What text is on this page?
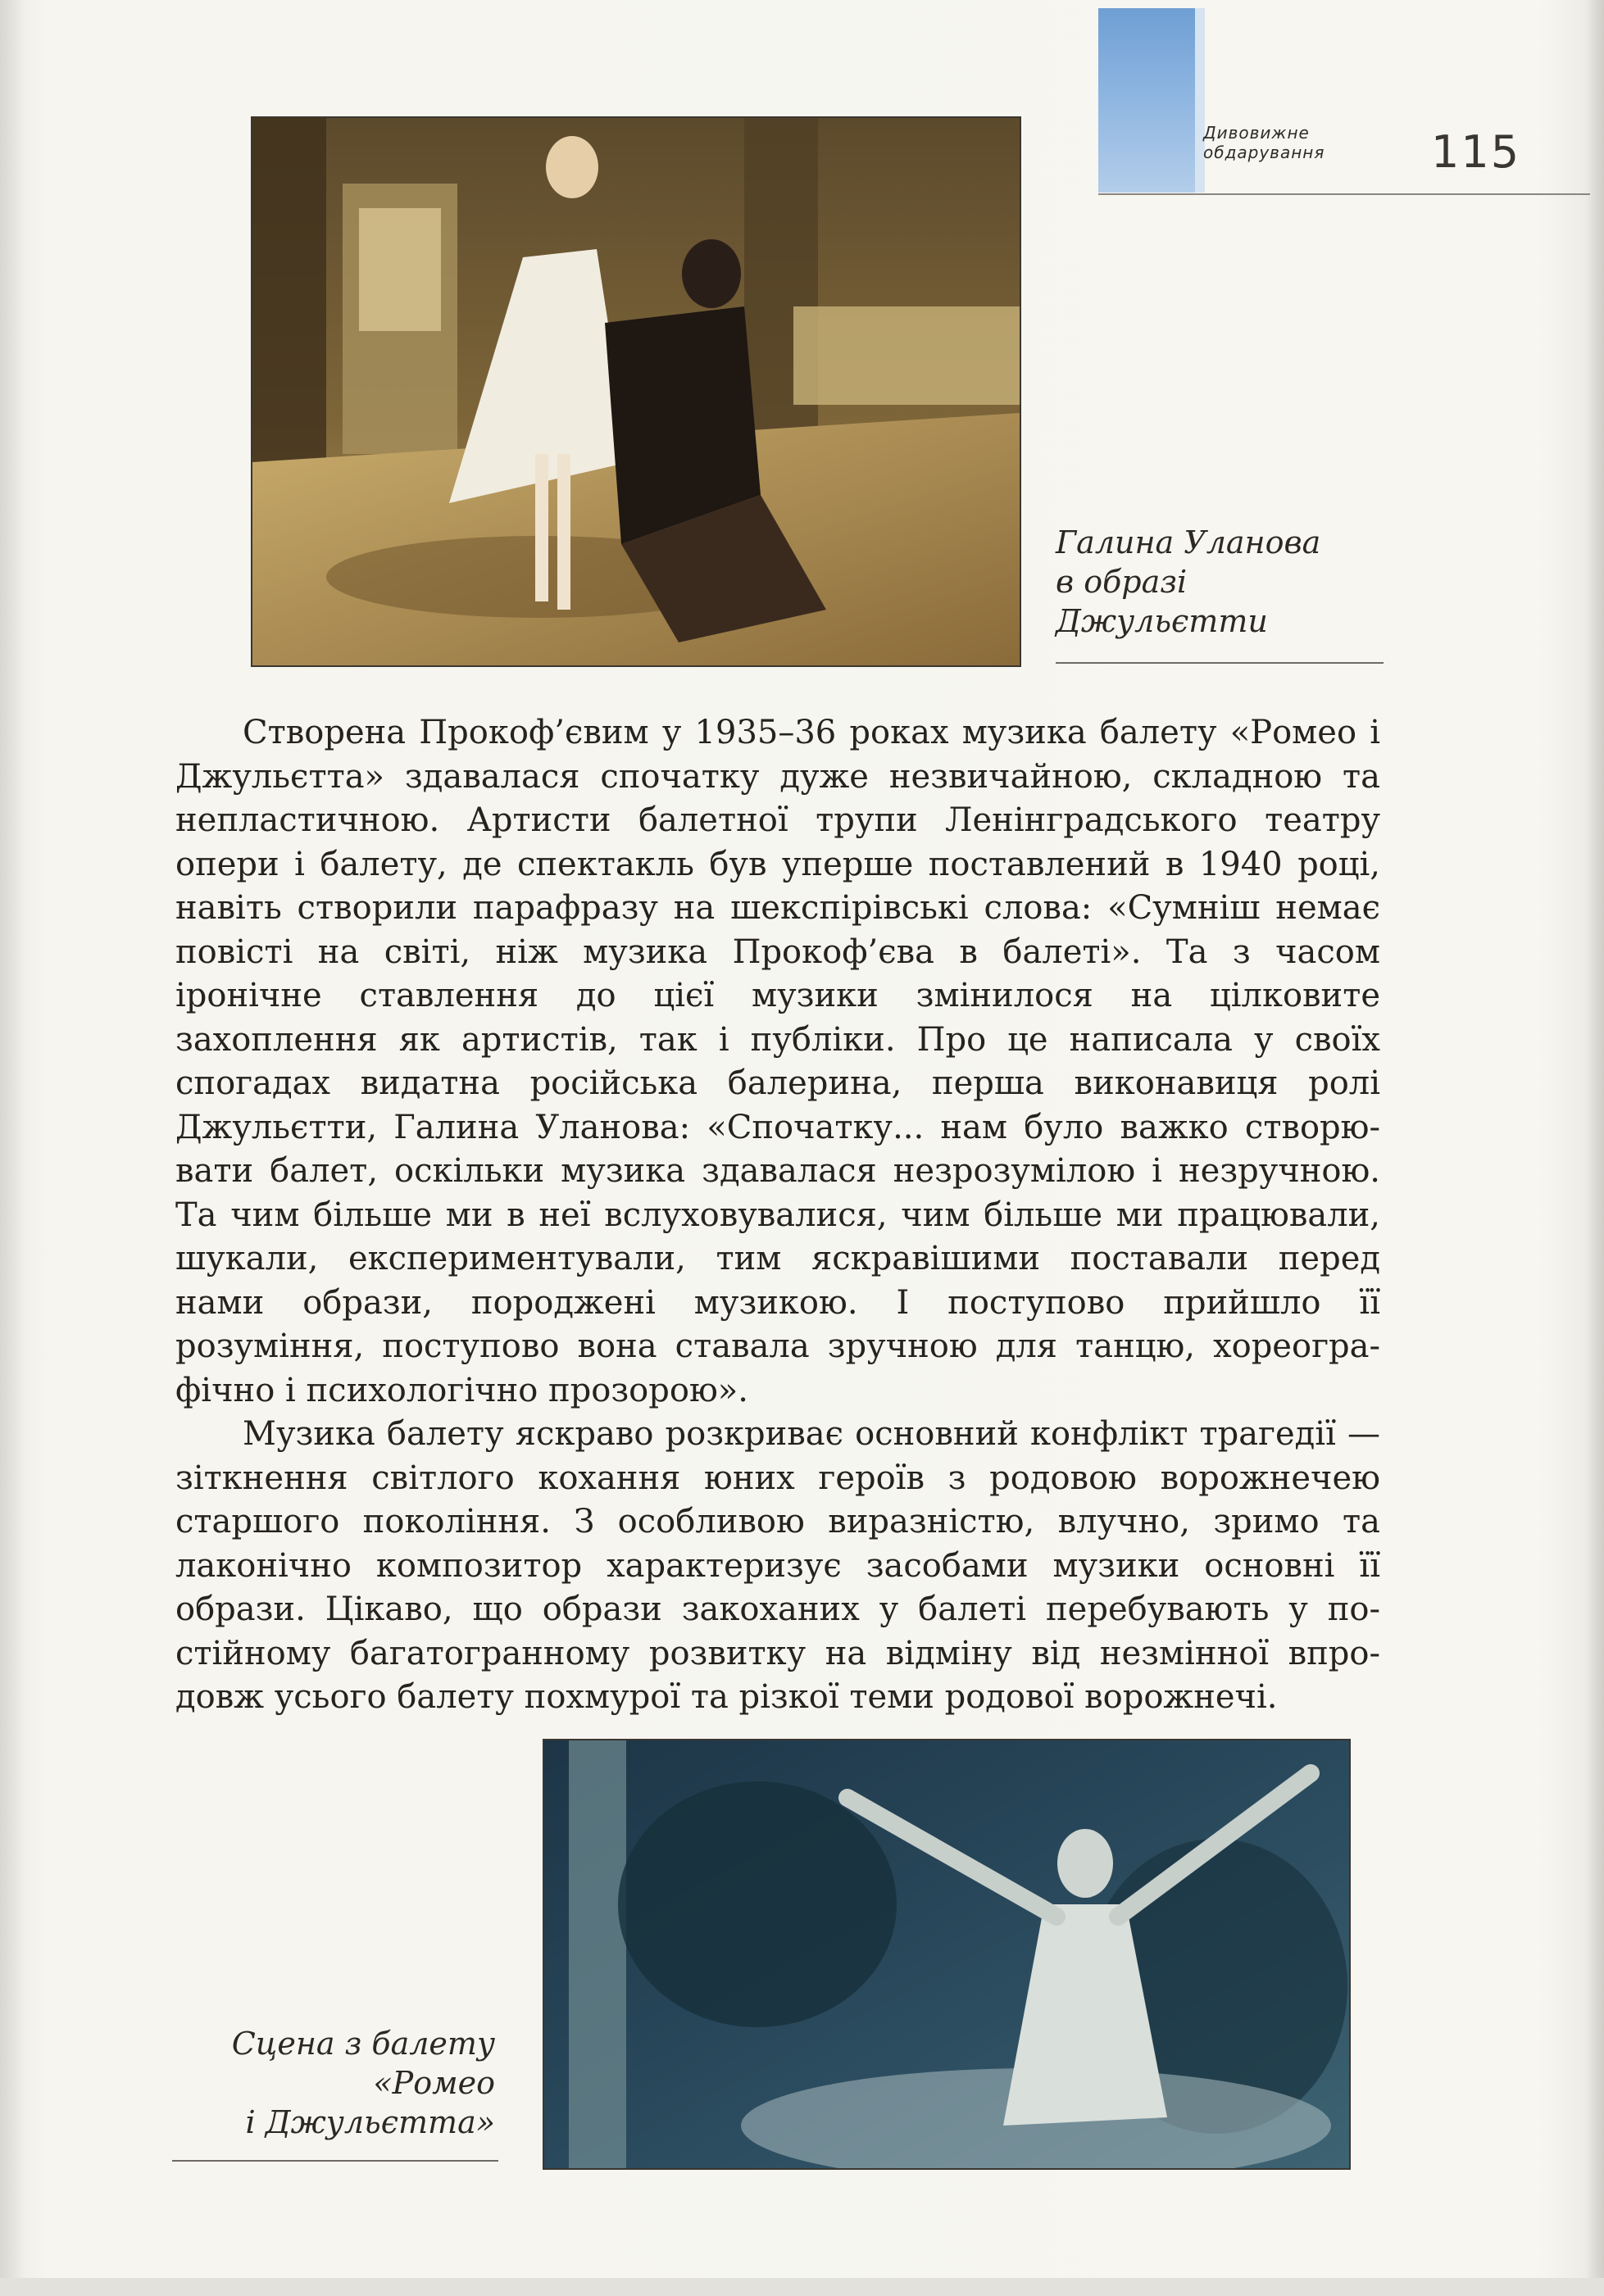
Дивовижне
обдарування	115
Галина Уланова
в образі
Джульєтти

Створена Прокоф’євим у 1935–36 роках музика балету «Ромео і Джульєтта» здавалася спочатку дуже незвичайною, складною та непластичною. Артисти балетної трупи Ленінградського театру опери і балету, де спектакль був уперше поставлений в 1940 році, навіть створили парафразу на шекспірівські слова: «Сумніш немає повісті на світі, ніж музика Прокоф’єва в балеті». Та з часом іронічне ставлення до цієї музики змінилося на цілковите захоплення як артистів, так і публіки. Про це написала у своїх спогадах видатна російська балерина, перша виконавиця ролі Джульєтти, Галина Уланова: «Спочатку... нам було важко створювати балет, оскільки музика здавалася незрозумілою і незручною. Та чим більше ми в неї вслуховувалися, чим більше ми працювали, шукали, експериментували, тим яскравішими поставали перед нами образи, породжені музикою. І поступово прийшло її розуміння, поступово вона ставала зручною для танцю, хореографічно і психологічно прозорою».

Музика балету яскраво розкриває основний конфлікт трагедії — зіткнення світлого кохання юних героїв з родовою ворожнечею старшого покоління. З особливою виразністю, влучно, зримо та лаконічно композитор характеризує засобами музики основні її образи. Цікаво, що образи закоханих у балеті перебувають у постійному багатогранному розвитку на відміну від незмінної впродовж усього балету похмурої та різкої теми родової ворожнечі.

Сцена з балету
«Ромео
і Джульєтта»
